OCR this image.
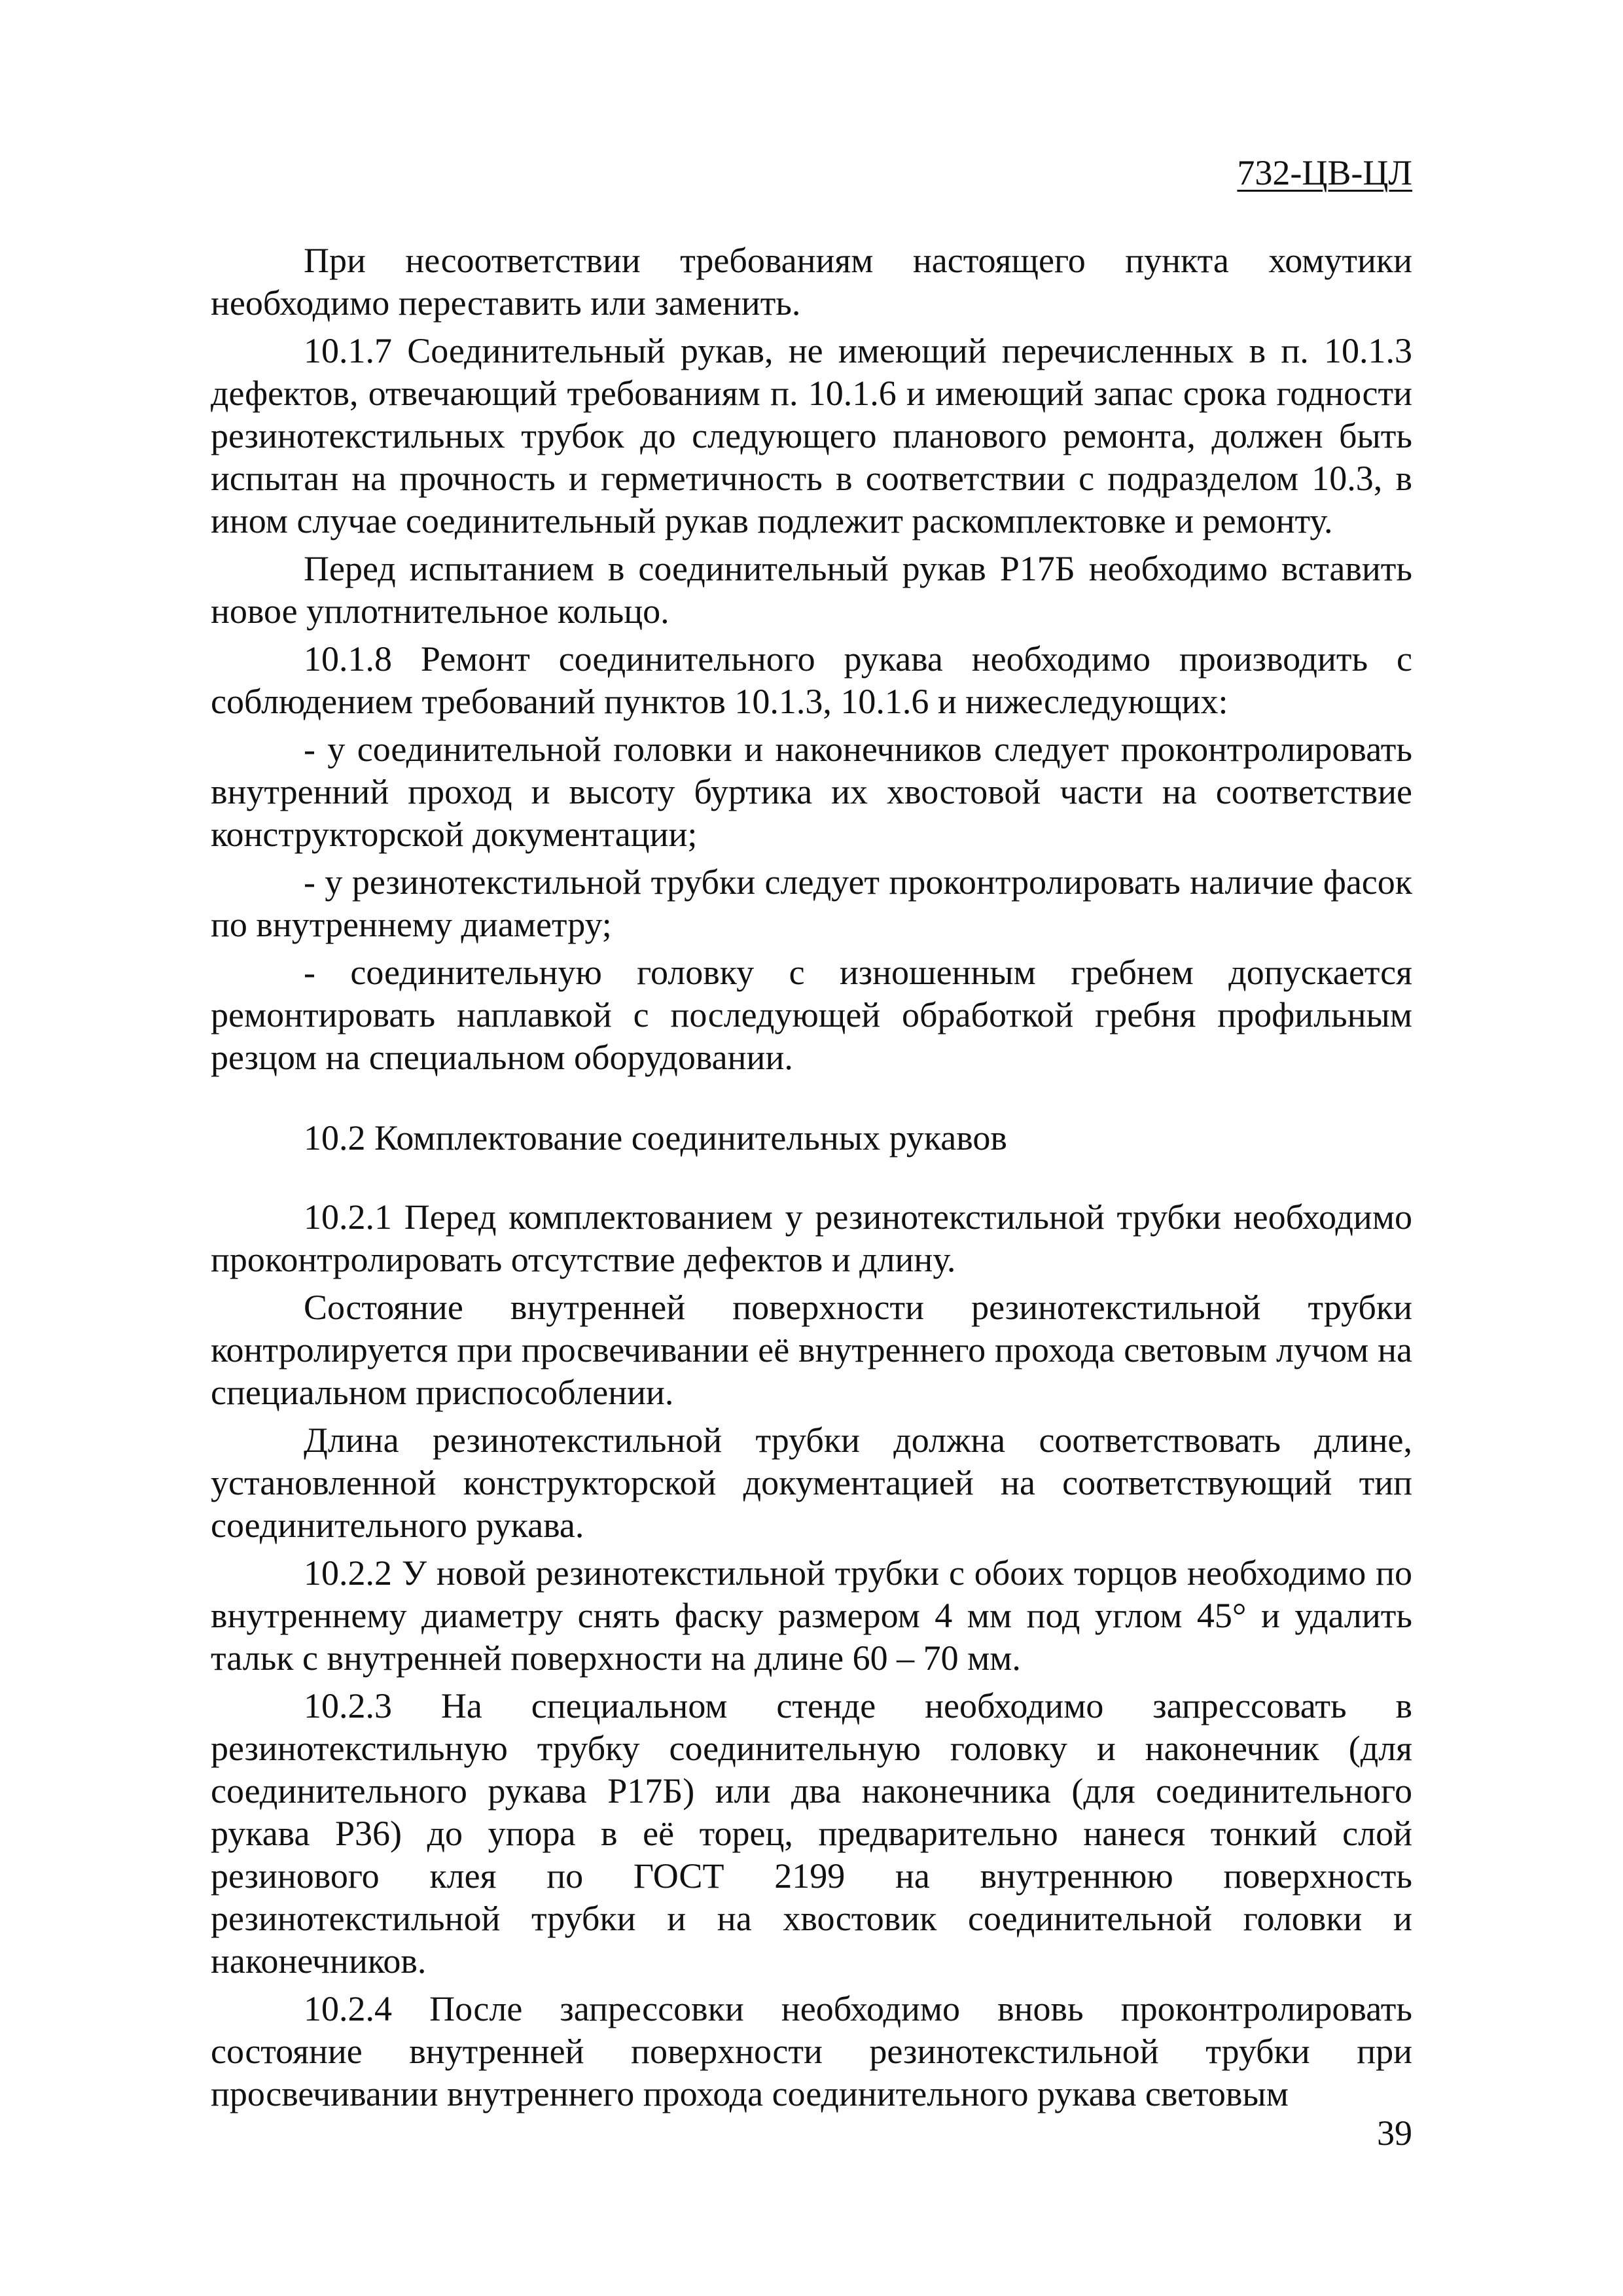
732-ЦВ-ЦЛ

При несоответствии требованиям настоящего пункта хомутики необходимо переставить или заменить.

10.1.7 Соединительный рукав, не имеющий перечисленных в п. 10.1.3 дефектов, отвечающий требованиям п. 10.1.6 и имеющий запас срока годности резинотекстильных трубок до следующего планового ремонта, должен быть испытан на прочность и герметичность в соответствии с подразделом 10.3, в ином случае соединительный рукав подлежит раскомплектовке и ремонту.

Перед испытанием в соединительный рукав Р17Б необходимо вставить новое уплотнительное кольцо.

10.1.8 Ремонт соединительного рукава необходимо производить с соблюдением требований пунктов 10.1.3, 10.1.6 и нижеследующих:

- у соединительной головки и наконечников следует проконтролировать внутренний проход и высоту буртика их хвостовой части на соответствие конструкторской документации;

- у резинотекстильной трубки следует проконтролировать наличие фасок по внутреннему диаметру;

- соединительную головку с изношенным гребнем допускается ремонтировать наплавкой с последующей обработкой гребня профильным резцом на специальном оборудовании.

10.2 Комплектование соединительных рукавов

10.2.1 Перед комплектованием у резинотекстильной трубки необходимо проконтролировать отсутствие дефектов и длину.

Состояние внутренней поверхности резинотекстильной трубки контролируется при просвечивании её внутреннего прохода световым лучом на специальном приспособлении.

Длина резинотекстильной трубки должна соответствовать длине, установленной конструкторской документацией на соответствующий тип соединительного рукава.

10.2.2 У новой резинотекстильной трубки с обоих торцов необходимо по внутреннему диаметру снять фаску размером 4 мм под углом 45° и удалить тальк с внутренней поверхности на длине 60 – 70 мм.

10.2.3 На специальном стенде необходимо запрессовать в резинотекстильную трубку соединительную головку и наконечник (для соединительного рукава Р17Б) или два наконечника (для соединительного рукава Р36) до упора в её торец, предварительно нанеся тонкий слой резинового клея по ГОСТ 2199 на внутреннюю поверхность резинотекстильной трубки и на хвостовик соединительной головки и наконечников.

10.2.4 После запрессовки необходимо вновь проконтролировать состояние внутренней поверхности резинотекстильной трубки при просвечивании внутреннего прохода соединительного рукава световым

39
